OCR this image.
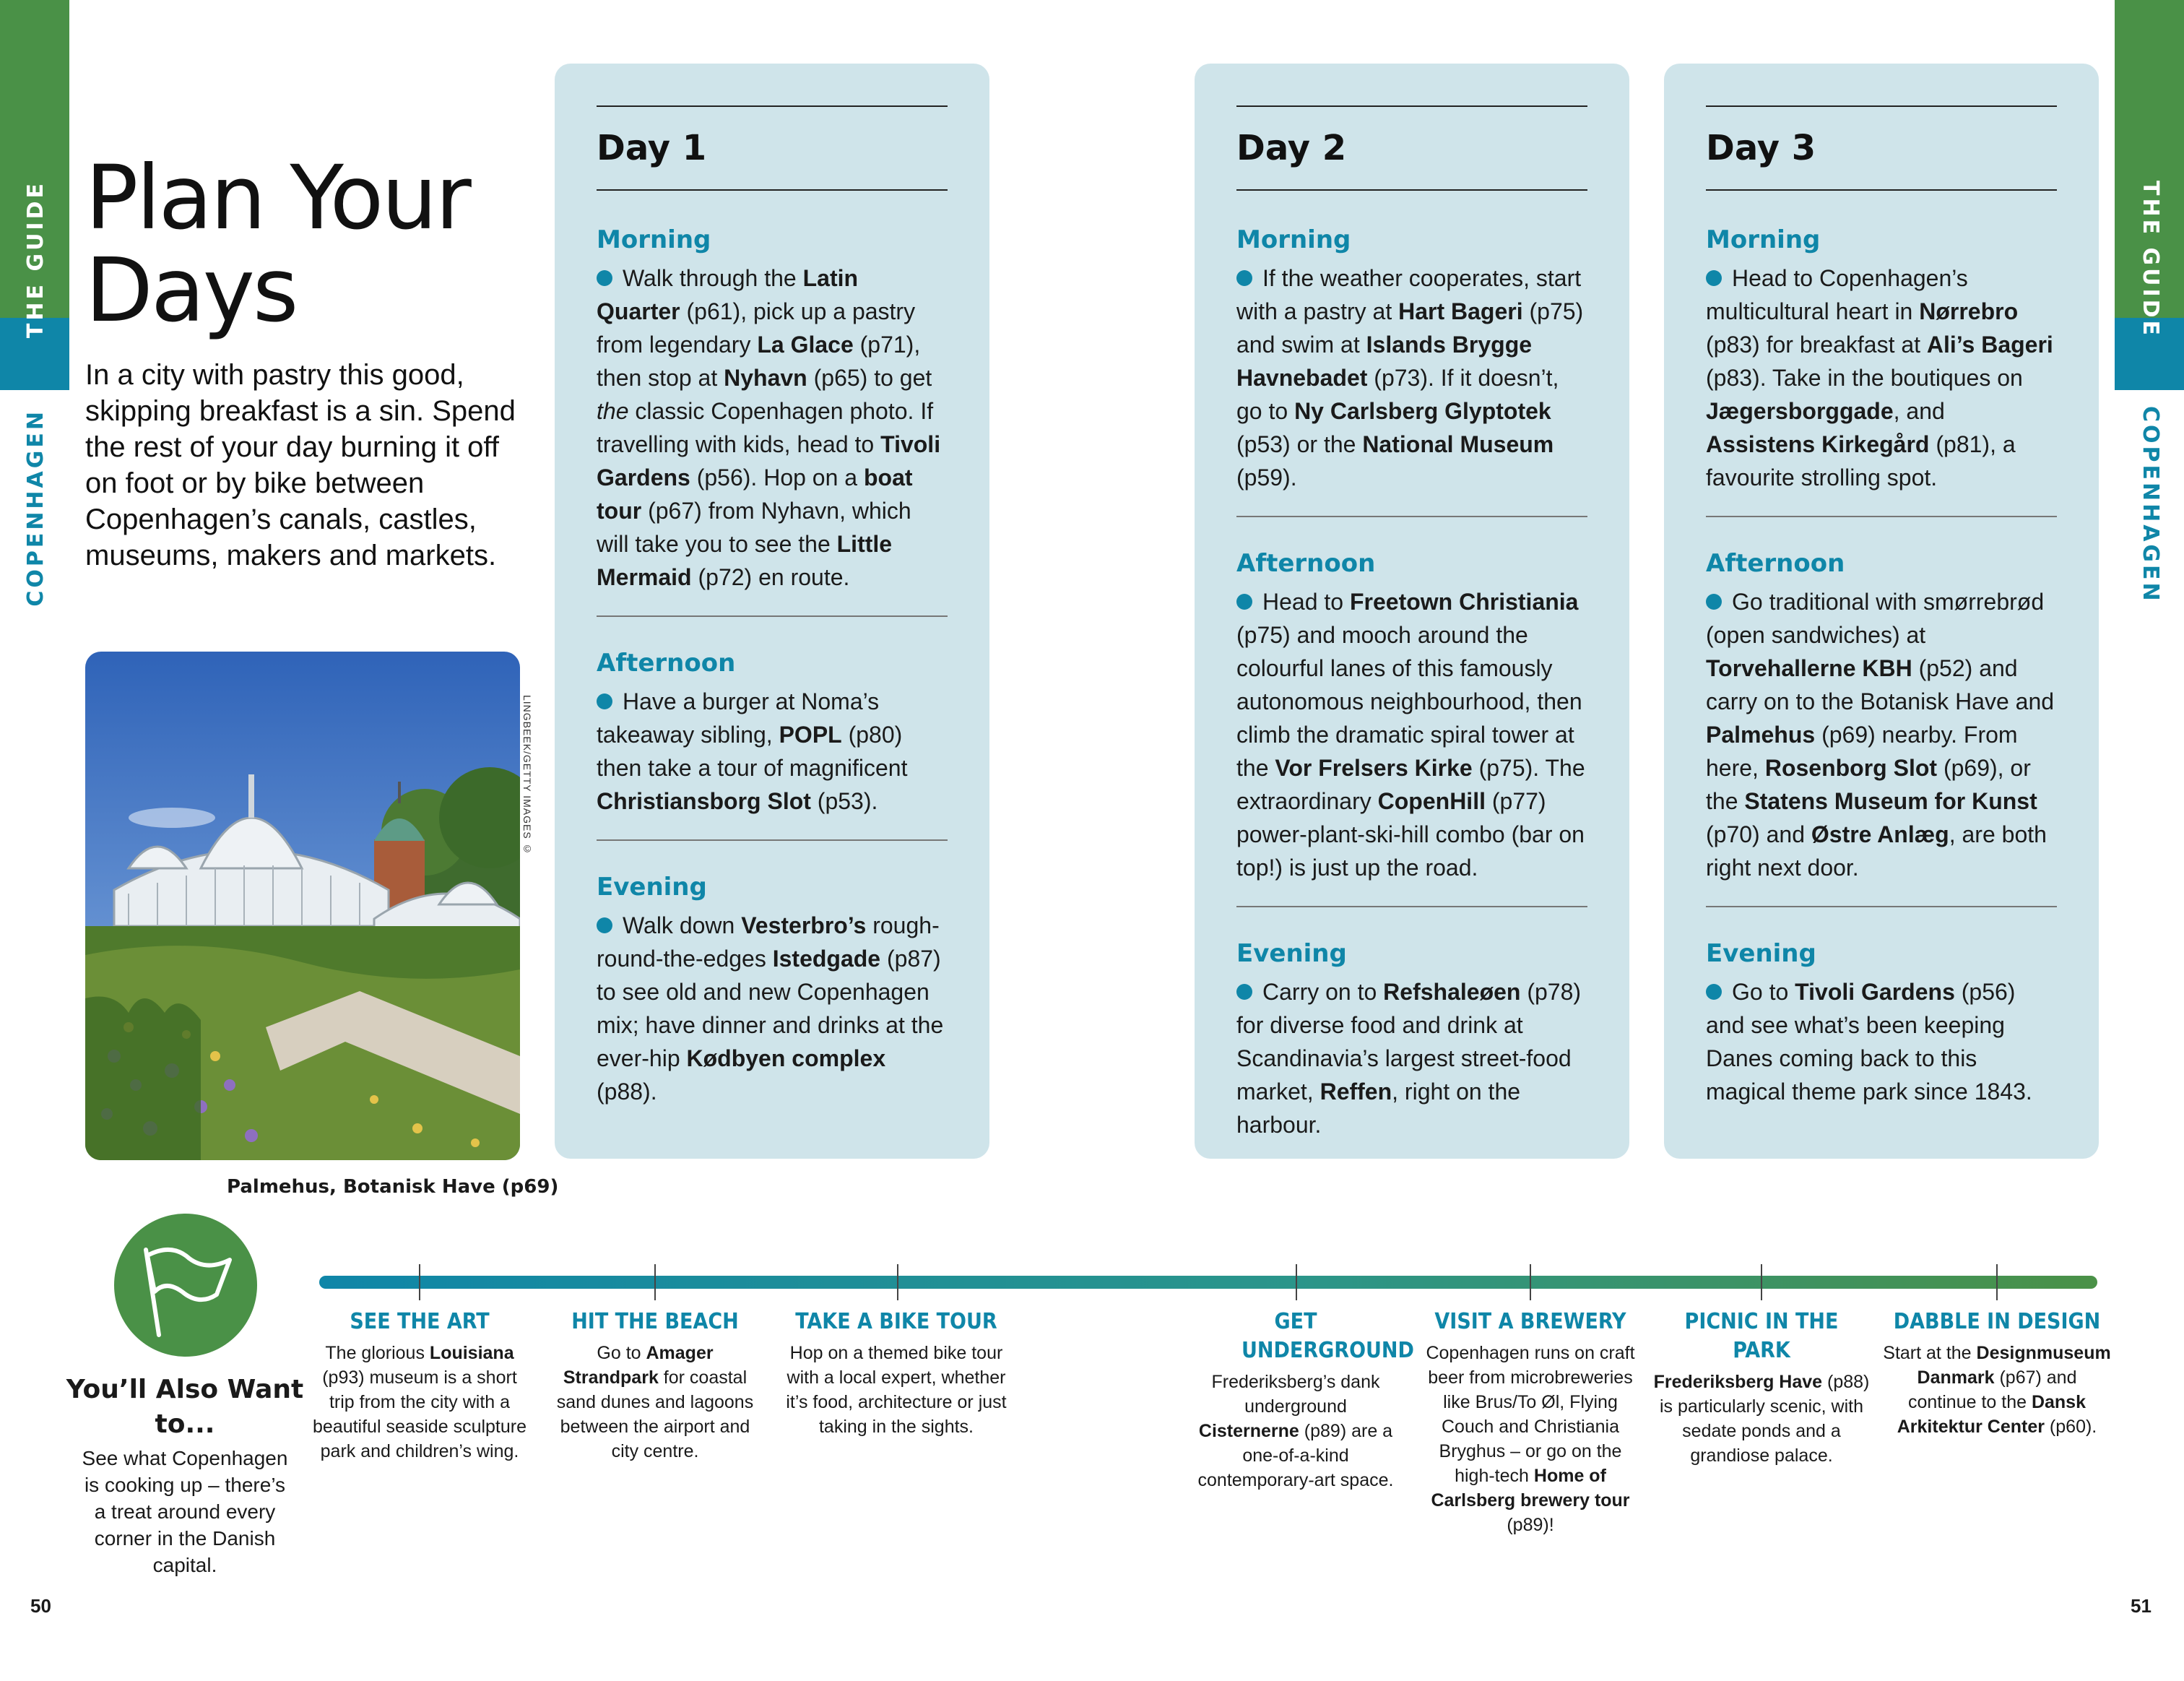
THE GUIDE
COPENHAGEN
THE GUIDE
COPENHAGEN
Plan Your
Days

In a city with pastry this good, skipping breakfast is a sin. Spend the rest of your day burning it off on foot or by bike between Copenhagen’s canals, castles, museums, makers and markets.

LINGBEEK/GETTY IMAGES ©
Palmehus, Botanisk Have (p69)
Day 1
Morning

Walk through the Latin Quarter (p61), pick up a pastry from legendary La Glace (p71), then stop at Nyhavn (p65) to get the classic Copenhagen photo. If travelling with kids, head to Tivoli Gardens (p56). Hop on a boat tour (p67) from Nyhavn, which will take you to see the Little Mermaid (p72) en route.

Afternoon

Have a burger at Noma’s takeaway sibling, POPL (p80) then take a tour of magnificent Christiansborg Slot (p53).

Evening

Walk down Vesterbro’s rough-round-the-edges Istedgade (p87) to see old and new Copenhagen mix; have dinner and drinks at the ever-hip Kødbyen complex (p88).

Day 2
Morning

If the weather cooperates, start with a pastry at Hart Bageri (p75) and swim at Islands Brygge Havnebadet (p73). If it doesn’t, go to Ny Carlsberg Glyptotek (p53) or the National Museum (p59).

Afternoon

Head to Freetown Christiania (p75) and mooch around the colourful lanes of this famously autonomous neighbourhood, then climb the dramatic spiral tower at the Vor Frelsers Kirke (p75). The extraordinary CopenHill (p77) power-plant-ski-hill combo (bar on top!) is just up the road.

Evening

Carry on to Refshaleøen (p78) for diverse food and drink at Scandinavia’s largest street-food market, Reffen, right on the harbour.

Day 3
Morning

Head to Copenhagen’s multicultural heart in Nørrebro (p83) for breakfast at Ali’s Bageri (p83). Take in the boutiques on Jægersborggade, and Assistens Kirkegård (p81), a favourite strolling spot.

Afternoon

Go traditional with smørrebrød (open sandwiches) at Torvehallerne KBH (p52) and carry on to the Botanisk Have and Palmehus (p69) nearby. From here, Rosenborg Slot (p69), or the Statens Museum for Kunst (p70) and Østre Anlæg, are both right next door.

Evening

Go to Tivoli Gardens (p56) and see what’s been keeping Danes coming back to this magical theme park since 1843.

You’ll Also Want to...
See what Copenhagen is cooking up – there’s a treat around every corner in the Danish capital.
SEE THE ART
The glorious Louisiana (p93) museum is a short trip from the city with a beautiful seaside sculpture park and children’s wing.
HIT THE BEACH
Go to Amager Strandpark for coastal sand dunes and lagoons between the airport and city centre.
TAKE A BIKE TOUR
Hop on a themed bike tour with a local expert, whether it’s food, architecture or just taking in the sights.
GET UNDERGROUND
Frederiksberg’s dank underground Cisternerne (p89) are a one-of-a-kind contemporary-art space.
VISIT A BREWERY
Copenhagen runs on craft beer from microbreweries like Brus/To Øl, Flying Couch and Christiania Bryghus – or go on the high-tech Home of Carlsberg brewery tour (p89)!
PICNIC IN THE PARK
Frederiksberg Have (p88) is particularly scenic, with sedate ponds and a grandiose palace.
DABBLE IN DESIGN
Start at the Designmuseum Danmark (p67) and continue to the Dansk Arkitektur Center (p60).
50	51
